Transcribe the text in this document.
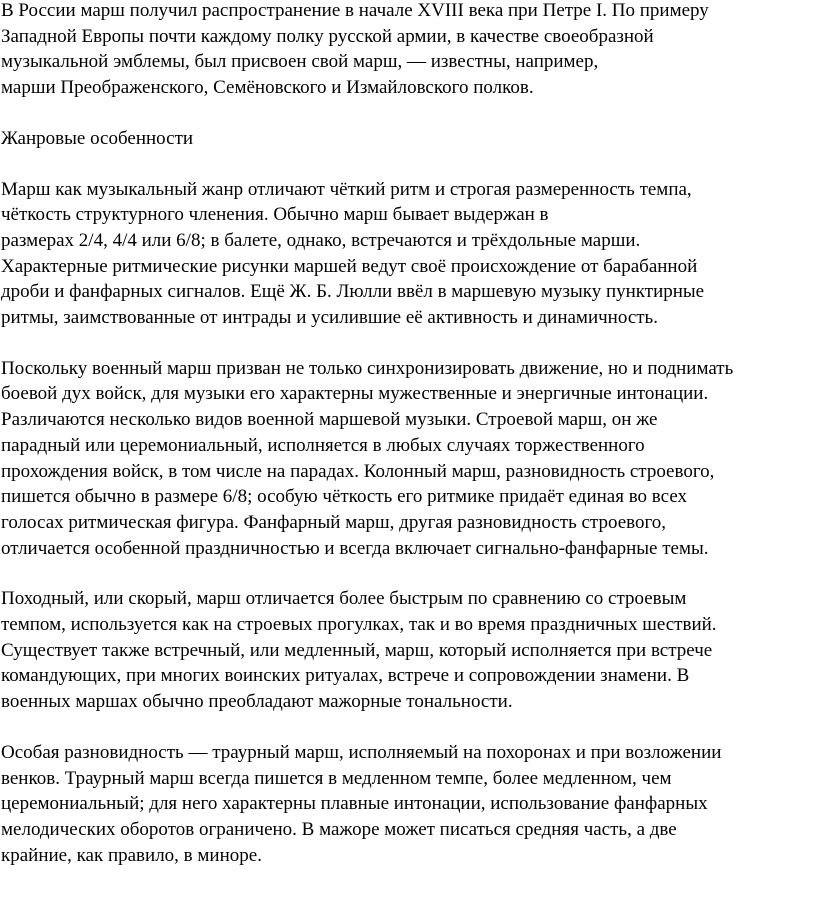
В России марш получил распространение в начале XVIII века при Петре I. По примеру
Западной Европы почти каждому полку русской армии, в качестве своеобразной
музыкальной эмблемы, был присвоен свой марш, — известны, например,
марши Преображенского, Семёновского и Измайловского полков.

Жанровые особенности

Марш как музыкальный жанр отличают чёткий ритм и строгая размеренность темпа,
чёткость структурного членения. Обычно марш бывает выдержан в
размерах 2/4, 4/4 или 6/8; в балете, однако, встречаются и трёхдольные марши.
Характерные ритмические рисунки маршей ведут своё происхождение от барабанной
дроби и фанфарных сигналов. Ещё Ж. Б. Люлли ввёл в маршевую музыку пунктирные
ритмы, заимствованные от интрады и усилившие её активность и динамичность.

Поскольку военный марш призван не только синхронизировать движение, но и поднимать
боевой дух войск, для музыки его характерны мужественные и энергичные интонации.
Различаются несколько видов военной маршевой музыки. Строевой марш, он же
парадный или церемониальный, исполняется в любых случаях торжественного
прохождения войск, в том числе на парадах. Колонный марш, разновидность строевого,
пишется обычно в размере 6/8; особую чёткость его ритмике придаёт единая во всех
голосах ритмическая фигура. Фанфарный марш, другая разновидность строевого,
отличается особенной праздничностью и всегда включает сигнально-фанфарные темы.

Походный, или скорый, марш отличается более быстрым по сравнению со строевым
темпом, используется как на строевых прогулках, так и во время праздничных шествий.
Существует также встречный, или медленный, марш, который исполняется при встрече
командующих, при многих воинских ритуалах, встрече и сопровождении знамени. В
военных маршах обычно преобладают мажорные тональности.

Особая разновидность — траурный марш, исполняемый на похоронах и при возложении
венков. Траурный марш всегда пишется в медленном темпе, более медленном, чем
церемониальный; для него характерны плавные интонации, использование фанфарных
мелодических оборотов ограничено. В мажоре может писаться средняя часть, а две
крайние, как правило, в миноре.
